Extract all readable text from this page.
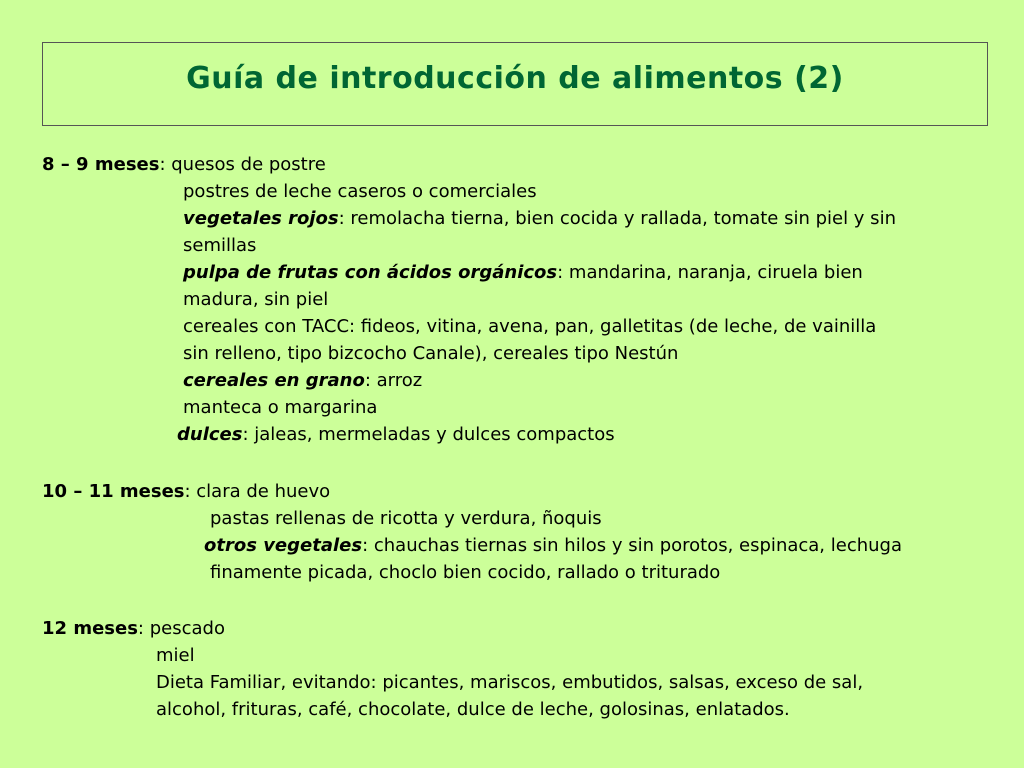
Guía de introducción de alimentos (2)
8 – 9 meses: quesos de postre
postres de leche caseros o comerciales
vegetales rojos: remolacha tierna, bien cocida y rallada, tomate sin piel y sin
semillas
pulpa de frutas con ácidos orgánicos: mandarina, naranja, ciruela bien
madura, sin piel
cereales con TACC: fideos, vitina, avena, pan, galletitas (de leche, de vainilla
sin relleno, tipo bizcocho Canale), cereales tipo Nestún
cereales en grano: arroz
manteca o margarina
dulces: jaleas, mermeladas y dulces compactos
10 – 11 meses: clara de huevo
pastas rellenas de ricotta y verdura, ñoquis
otros vegetales: chauchas tiernas sin hilos y sin porotos, espinaca, lechuga
finamente picada, choclo bien cocido, rallado o triturado
12 meses: pescado
miel
Dieta Familiar, evitando: picantes, mariscos, embutidos, salsas, exceso de sal,
alcohol, frituras, café, chocolate, dulce de leche, golosinas, enlatados.
